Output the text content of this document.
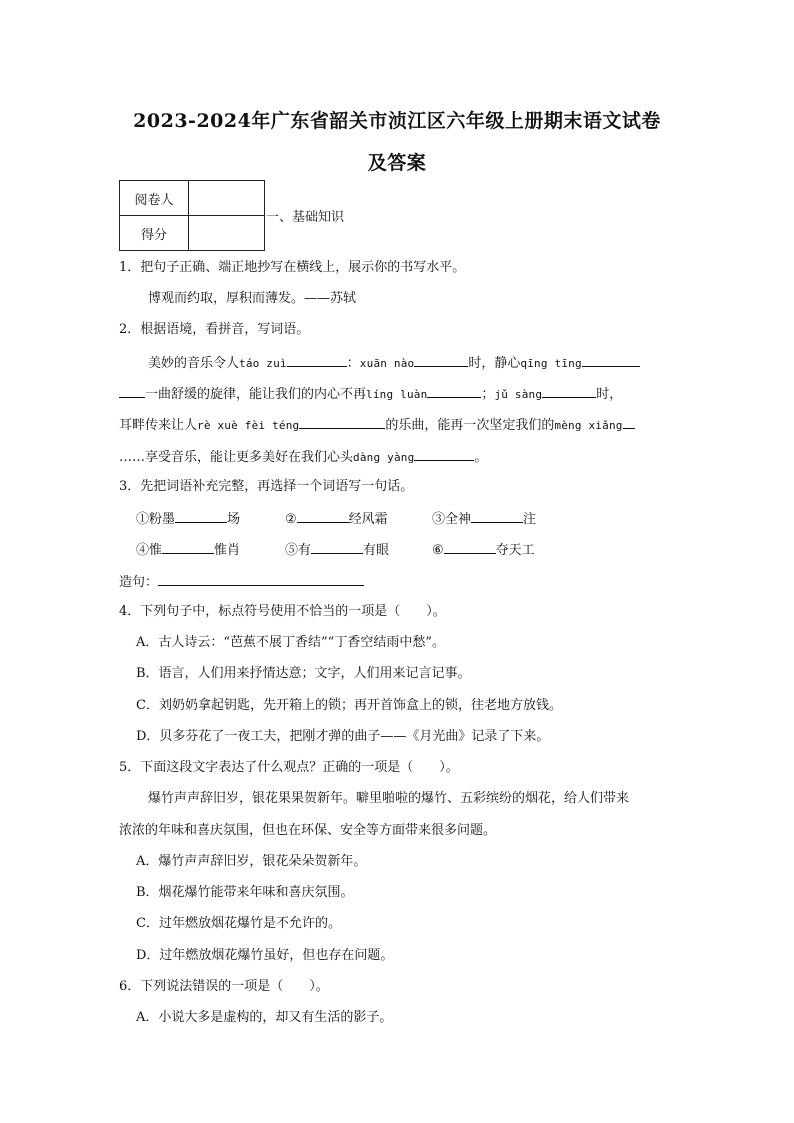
2023-2024年广东省韶关市浈江区六年级上册期末语文试卷
及答案
阅卷人	
得分	
一、基础知识
1．把句子正确、端正地抄写在横线上，展示你的书写水平。
博观而约取，厚积而薄发。——苏轼
2．根据语境，看拼音，写词语。
美妙的音乐令人táo zuì	：xuān nào	时，静心qīng tīng
一曲舒缓的旋律，能让我们的内心不再líng luàn	；jǔ sàng	时，
耳畔传来让人rè xuè fèi téng	的乐曲，能再一次坚定我们的mèng xiǎng
……享受音乐，能让更多美好在我们心头dàng yàng	。
3．先把词语补充完整，再选择一个词语写一句话。
①粉墨	场	②	经风霜	③全神	注
④惟	惟肖	⑤有	有眼	⑥	夺天工
造句：
4．下列句子中，标点符号使用不恰当的一项是（　　）。
A．古人诗云：“芭蕉不展丁香结”“丁香空结雨中愁”。
B．语言，人们用来抒情达意；文字，人们用来记言记事。
C．刘奶奶拿起钥匙，先开箱上的锁；再开首饰盒上的锁，往老地方放钱。
D．贝多芬花了一夜工夫，把刚才弹的曲子——《月光曲》记录了下来。
5．下面这段文字表达了什么观点？正确的一项是（　　）。
爆竹声声辞旧岁，银花果果贺新年。噼里啪啦的爆竹、五彩缤纷的烟花，给人们带来
浓浓的年味和喜庆氛围，但也在环保、安全等方面带来很多问题。
A．爆竹声声辞旧岁，银花朵朵贺新年。
B．烟花爆竹能带来年味和喜庆氛围。
C．过年燃放烟花爆竹是不允许的。
D．过年燃放烟花爆竹虽好，但也存在问题。
6．下列说法错误的一项是（　　）。
A．小说大多是虚构的，却又有生活的影子。
